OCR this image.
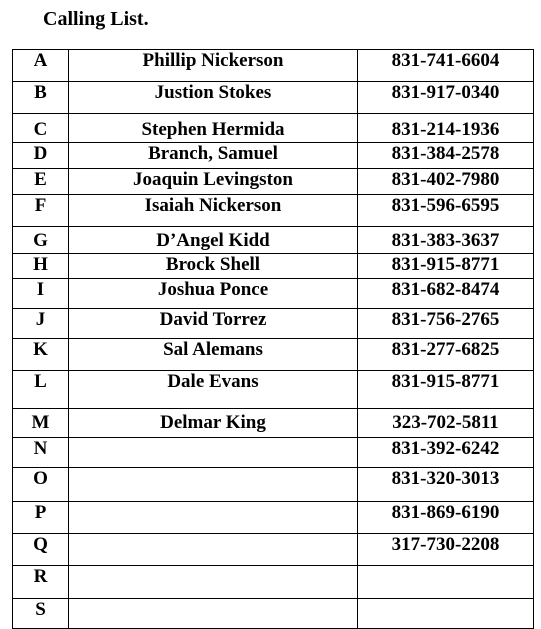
Calling List.
A	Phillip Nickerson	831-741-6604
B	Justion Stokes	831-917-0340
C	Stephen Hermida	831-214-1936
D	Branch, Samuel	831-384-2578
E	Joaquin Levingston	831-402-7980
F	Isaiah Nickerson	831-596-6595
G	D’Angel Kidd	831-383-3637
H	Brock Shell	831-915-8771
I	Joshua Ponce	831-682-8474
J	David Torrez	831-756-2765
K	Sal Alemans	831-277-6825
L	Dale Evans	831-915-8771
M	Delmar King	323-702-5811
N		831-392-6242
O		831-320-3013
P		831-869-6190
Q		317-730-2208
R		
S		
